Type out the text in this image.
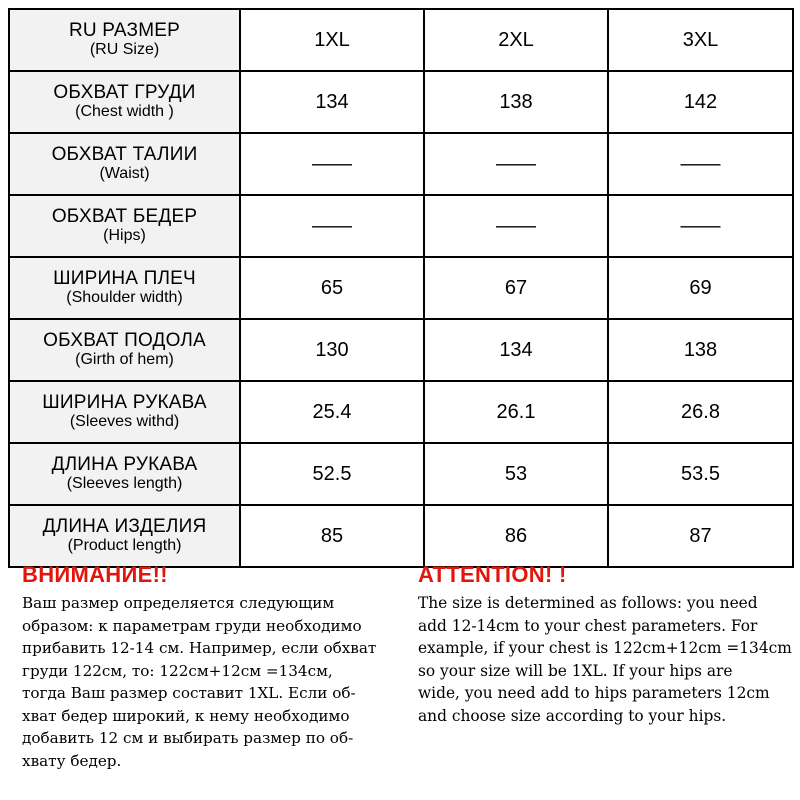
RU РАЗМЕР
(RU Size)	1XL	2XL	3XL

ОБХВАТ ГРУДИ
(Chest width )	134	138	142

ОБХВАТ ТАЛИИ
(Waist)	——	——	——

ОБХВАТ БЕДЕР
(Hips)	——	——	——

ШИРИНА ПЛЕЧ
(Shoulder width)	65	67	69

ОБХВАТ ПОДОЛА
(Girth of hem)	130	134	138

ШИРИНА РУКАВА
(Sleeves withd)	25.4	26.1	26.8

ДЛИНА РУКАВА
(Sleeves length)	52.5	53	53.5

ДЛИНА ИЗДЕЛИЯ
(Product length)	85	86	87
ВНИМАНИЕ!!
Ваш размер определяется следующим
образом: к параметрам груди необходимо
прибавить 12-14 см. Например, если обхват
груди 122см, то: 122см+12см =134см,
тогда Ваш размер составит 1XL. Если об-
хват бедер широкий, к нему необходимо
добавить 12 см и выбирать размер по об-
хвату бедер.
ATTENTION! !
The size is determined as follows: you need
add 12-14cm to your chest parameters. For
example, if your chest is 122cm+12cm =134cm
so your size will be 1XL. If your hips are
wide, you need add to hips parameters 12cm
and choose size according to your hips.
